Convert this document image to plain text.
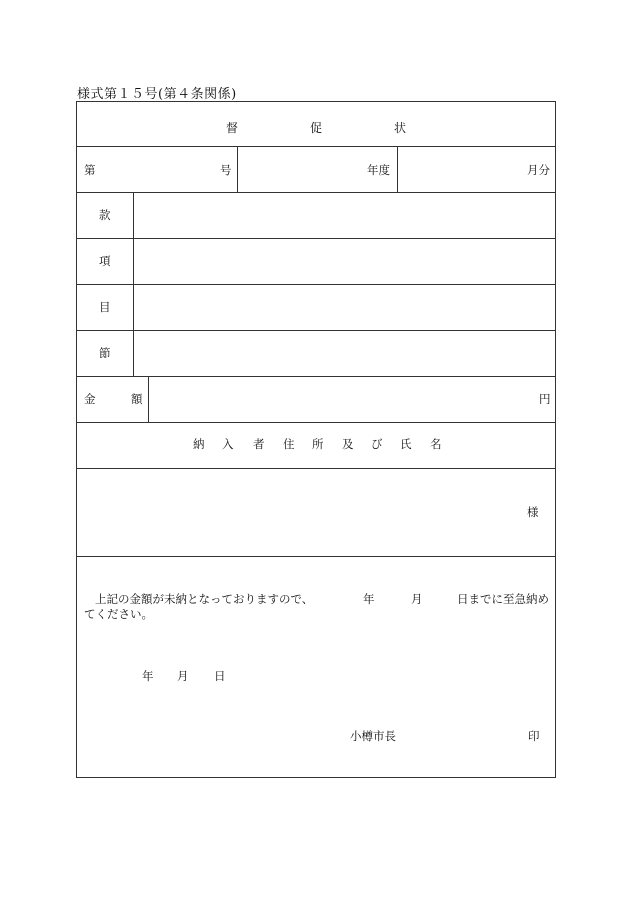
様式第１５号(第４条関係)
督	促	状
第	号	年度	月分
款
項
目
節
金	額	円
納 入 者 住 所 及 び 氏 名
様
上記の金額が未納となっておりますので、	年	月	日までに至急納め
てください。
年 月 日
小樽市長	印
